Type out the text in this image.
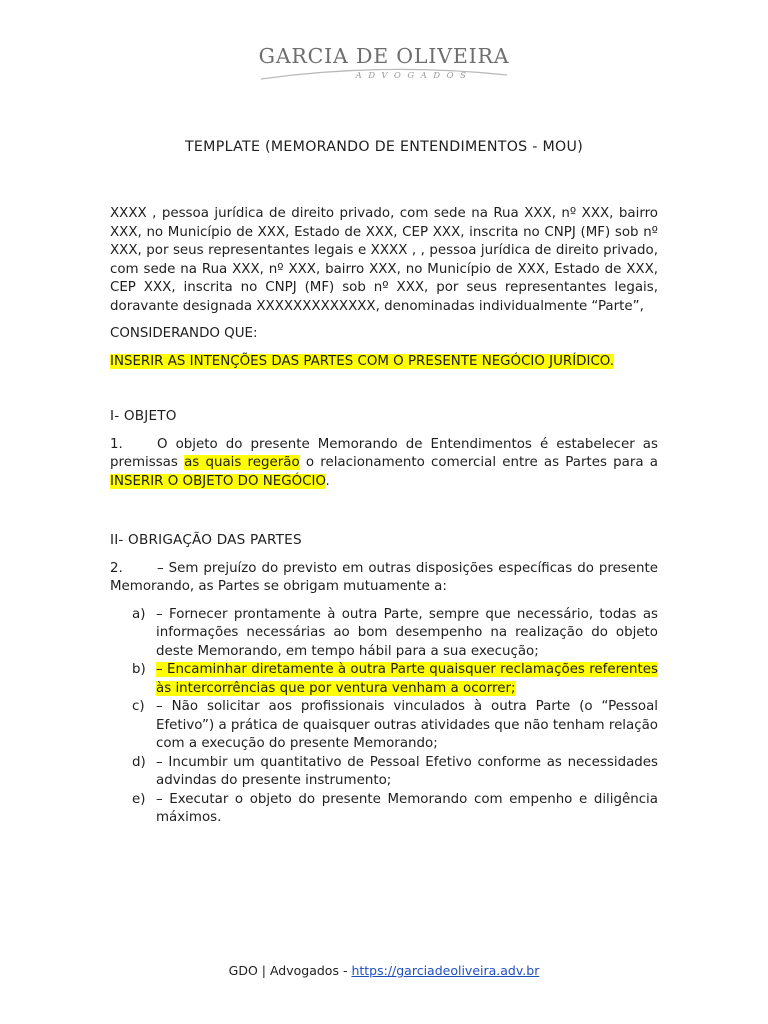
GARCIA DE OLIVEIRA
ADVOGADOS
TEMPLATE (MEMORANDO DE ENTENDIMENTOS - MOU)

XXXX , pessoa jurídica de direito privado, com sede na Rua XXX, nº XXX, bairro XXX, no Município de XXX, Estado de XXX, CEP XXX, inscrita no CNPJ (MF) sob nº XXX, por seus representantes legais e XXXX , , pessoa jurídica de direito privado, com sede na Rua XXX, nº XXX, bairro XXX, no Município de XXX, Estado de XXX, CEP XXX, inscrita no CNPJ (MF) sob nº XXX, por seus representantes legais, doravante designada XXXXXXXXXXXXX, denominadas individualmente “Parte”,

CONSIDERANDO QUE:

INSERIR AS INTENÇÕES DAS PARTES COM O PRESENTE NEGÓCIO JURÍDICO.

I- OBJETO

1.	O objeto do presente Memorando de Entendimentos é estabelecer as premissas as quais regerão o relacionamento comercial entre as Partes para a INSERIR O OBJETO DO NEGÓCIO.

II- OBRIGAÇÃO DAS PARTES

2.	– Sem prejuízo do previsto em outras disposições específicas do presente Memorando, as Partes se obrigam mutuamente a:

a) – Fornecer prontamente à outra Parte, sempre que necessário, todas as informações necessárias ao bom desempenho na realização do objeto deste Memorando, em tempo hábil para a sua execução;
b) – Encaminhar diretamente à outra Parte quaisquer reclamações referentes às intercorrências que por ventura venham a ocorrer;
c) – Não solicitar aos profissionais vinculados à outra Parte (o “Pessoal Efetivo”) a prática de quaisquer outras atividades que não tenham relação com a execução do presente Memorando;
d) – Incumbir um quantitativo de Pessoal Efetivo conforme as necessidades advindas do presente instrumento;
e) – Executar o objeto do presente Memorando com empenho e diligência máximos.
GDO | Advogados - https://garciadeoliveira.adv.br
